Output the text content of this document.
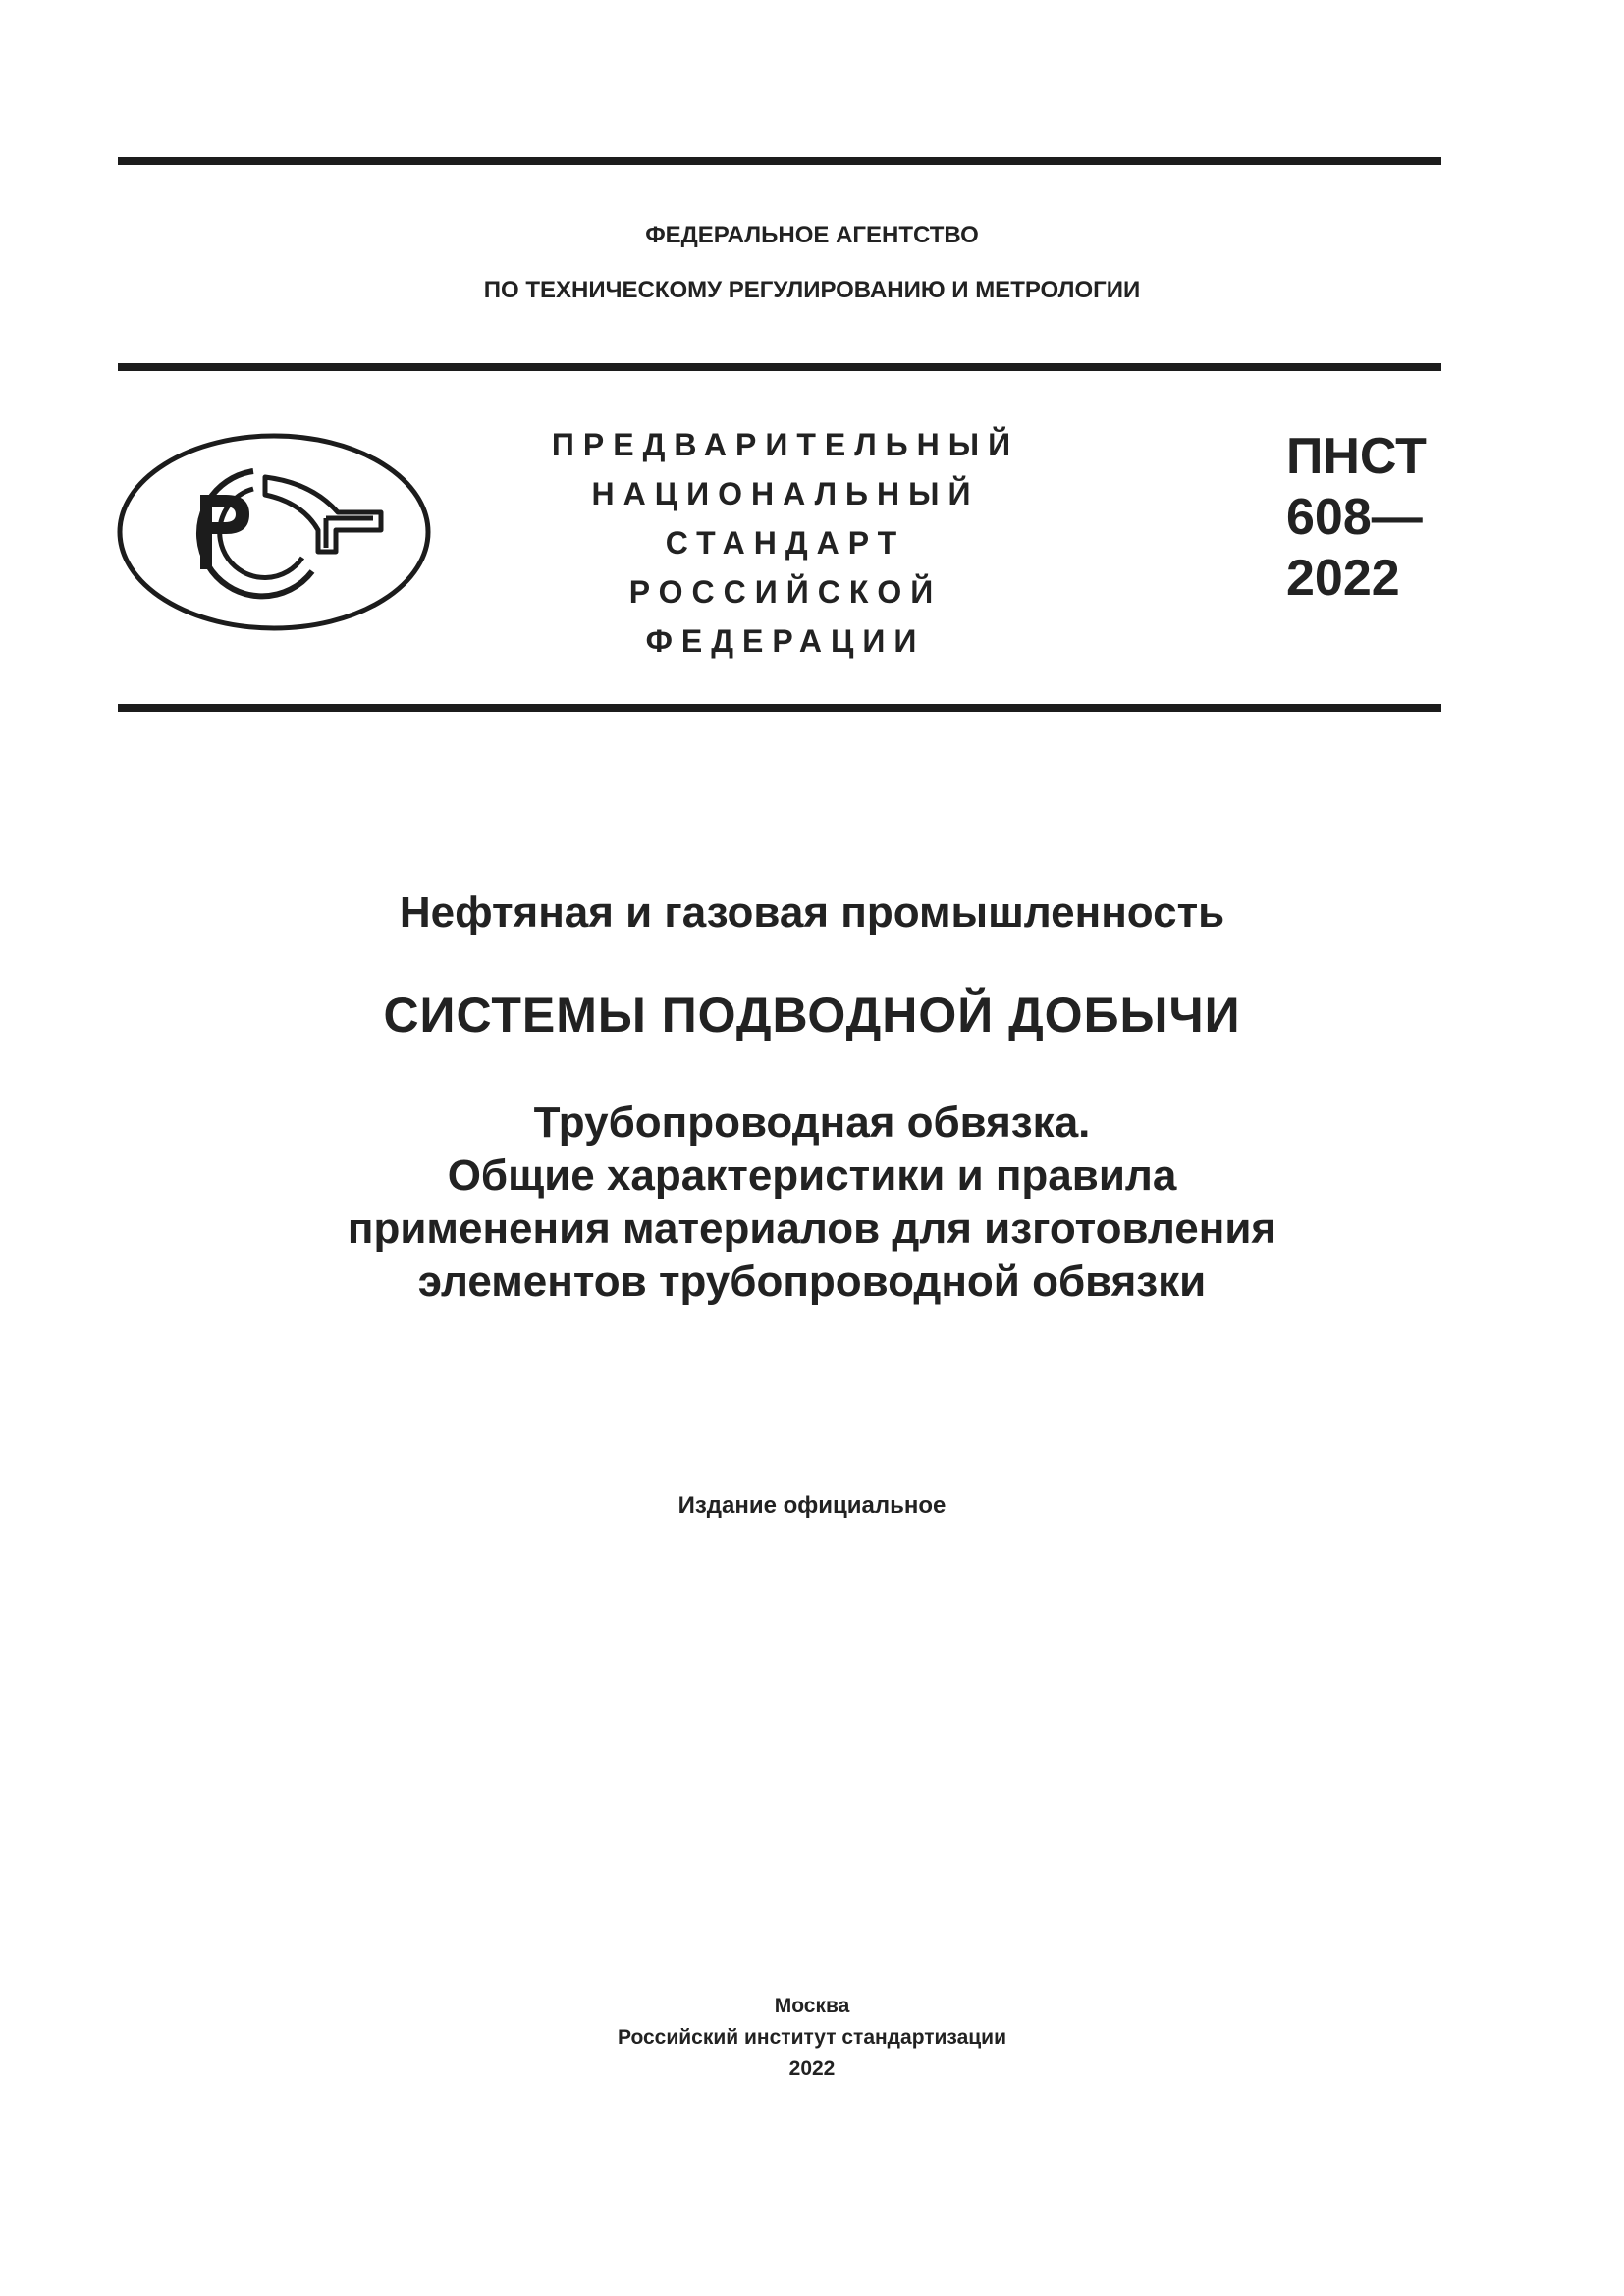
ФЕДЕРАЛЬНОЕ АГЕНТСТВО
ПО ТЕХНИЧЕСКОМУ РЕГУЛИРОВАНИЮ И МЕТРОЛОГИИ
ПРЕДВАРИТЕЛЬНЫЙ
НАЦИОНАЛЬНЫЙ
СТАНДАРТ
РОССИЙСКОЙ
ФЕДЕРАЦИИ
ПНСТ
608—
2022
Нефтяная и газовая промышленность
СИСТЕМЫ ПОДВОДНОЙ ДОБЫЧИ
Трубопроводная обвязка.
Общие характеристики и правила
применения материалов для изготовления
элементов трубопроводной обвязки
Издание официальное
Москва
Российский институт стандартизации
2022
